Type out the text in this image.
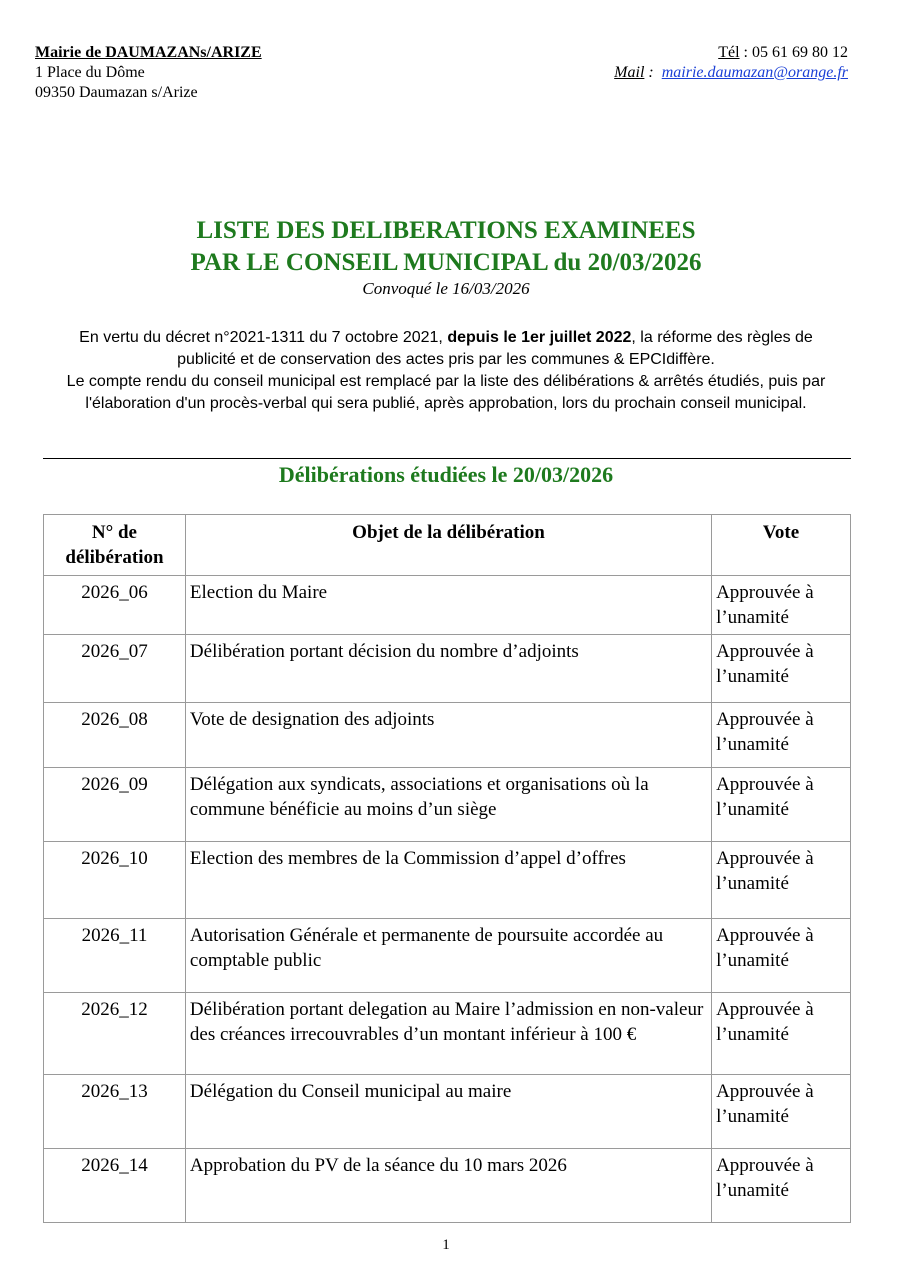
Mairie de DAUMAZANs/ARIZE
1 Place du Dôme
09350 Daumazan s/Arize
Tél : 05 61 69 80 12
Mail :  mairie.daumazan@orange.fr
LISTE DES DELIBERATIONS EXAMINEES
PAR LE CONSEIL MUNICIPAL du 20/03/2026
Convoqué le 16/03/2026
En vertu du décret n°2021-1311 du 7 octobre 2021, depuis le 1er juillet 2022, la réforme des règles de publicité et de conservation des actes pris par les communes & EPCIdiffère.
Le compte rendu du conseil municipal est remplacé par la liste des délibérations & arrêtés étudiés, puis par l'élaboration d'un procès-verbal qui sera publié, après approbation, lors du prochain conseil municipal.
Délibérations étudiées le 20/03/2026
N° de
délibération	Objet de la délibération	Vote
2026_06	Election du Maire	Approuvée à l’unamité
2026_07	Délibération portant décision du nombre d’adjoints	Approuvée à l’unamité
2026_08	Vote de designation des adjoints	Approuvée à l’unamité
2026_09	Délégation aux syndicats, associations et organisations où la commune bénéficie au moins d’un siège	Approuvée à l’unamité
2026_10	Election des membres de la Commission d’appel d’offres	Approuvée à l’unamité
2026_11	Autorisation Générale et permanente de poursuite accordée au comptable public	Approuvée à l’unamité
2026_12	Délibération portant delegation au Maire l’admission en non-valeur des créances irrecouvrables d’un montant inférieur à 100 €	Approuvée à l’unamité
2026_13	Délégation du Conseil municipal au maire	Approuvée à l’unamité
2026_14	Approbation du PV de la séance du 10 mars 2026	Approuvée à l’unamité
1
